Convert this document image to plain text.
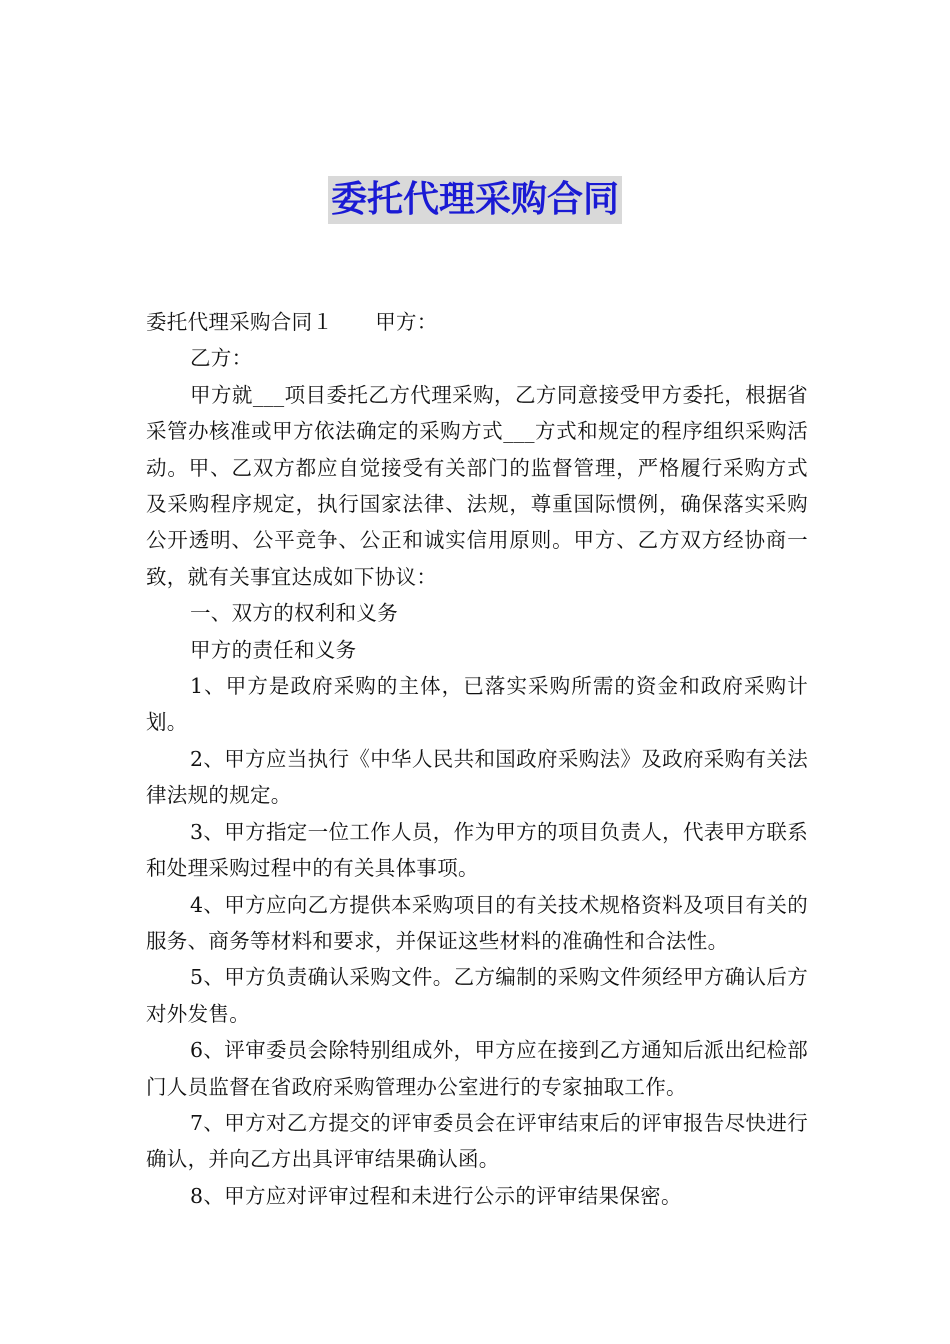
委托代理采购合同

委托代理采购合同１ 甲方：

乙方：

甲方就___项目委托乙方代理采购，乙方同意接受甲方委托，根据省采管办核准或甲方依法确定的采购方式___方式和规定的程序组织采购活动。甲、乙双方都应自觉接受有关部门的监督管理，严格履行采购方式及采购程序规定，执行国家法律、法规，尊重国际惯例，确保落实采购公开透明、公平竞争、公正和诚实信用原则。甲方、乙方双方经协商一致，就有关事宜达成如下协议：

一、双方的权利和义务

甲方的责任和义务

1、甲方是政府采购的主体，已落实采购所需的资金和政府采购计划。

2、甲方应当执行《中华人民共和国政府采购法》及政府采购有关法律法规的规定。

3、甲方指定一位工作人员，作为甲方的项目负责人，代表甲方联系和处理采购过程中的有关具体事项。

4、甲方应向乙方提供本采购项目的有关技术规格资料及项目有关的服务、商务等材料和要求，并保证这些材料的准确性和合法性。

5、甲方负责确认采购文件。乙方编制的采购文件须经甲方确认后方对外发售。

6、评审委员会除特别组成外，甲方应在接到乙方通知后派出纪检部门人员监督在省政府采购管理办公室进行的专家抽取工作。

7、甲方对乙方提交的评审委员会在评审结束后的评审报告尽快进行确认，并向乙方出具评审结果确认函。

8、甲方应对评审过程和未进行公示的评审结果保密。
